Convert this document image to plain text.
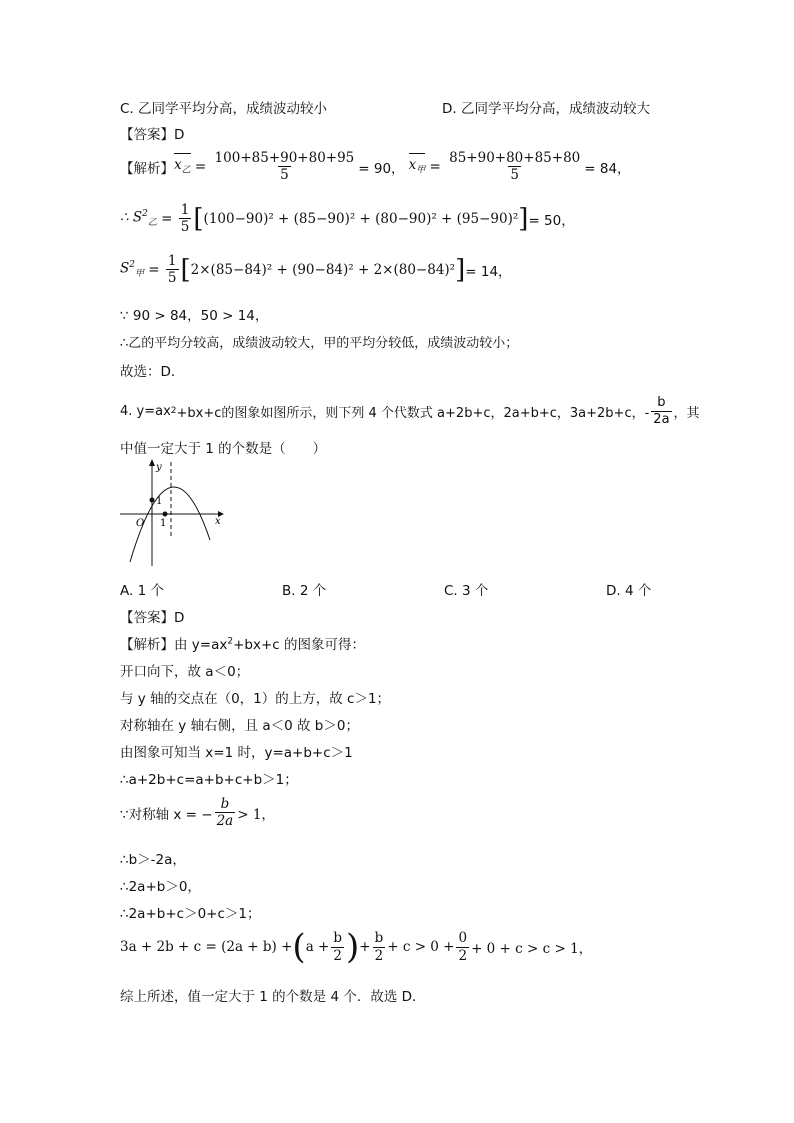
C. 乙同学平均分高，成绩波动较小	D. 乙同学平均分高，成绩波动较大
【答案】D
【解析】 $x_乙 = \frac{100+85+90+80+95}{5} = 90$， $x_甲 = \frac{85+90+80+85+80}{5} = 84$，
∴ $S^2_乙 = \frac{1}{5}$ [ (100−90)² + (85−90)² + (80−90)² + (95−90)² ] = 50，
$S^2_甲 = \frac{1}{5}$ [ 2×(85−84)² + (90−84)² + 2×(80−84)² ] = 14，
∵ 90 > 84，50 > 14，
∴乙的平均分较高，成绩波动较大，甲的平均分较低，成绩波动较小；
故选：D．
4. y=ax 2 +bx+c的图象如图所示，则下列 4 个代数式 a+2b+c，2a+b+c，3a+2b+c，- $\frac{b}{2a}$ ，其
中值一定大于 1 的个数是（　　）
1
1
O
y
x
A. 1 个	B. 2 个	C. 3 个	D. 4 个
【答案】D
【解析】由 $y=ax^2+bx+c$ 的图象可得：
开口向下，故 a＜0；
与 y 轴的交点在（0，1）的上方，故 c＞1；
对称轴在 y 轴右侧，且 a＜0 故 b＞0；
由图象可知当 x=1 时，y=a+b+c＞1
∴a+2b+c=a+b+c+b＞1；
∵对称轴 x = − $\frac{b}{2a} > 1$，
∴b＞-2a，
∴2a+b＞0，
∴2a+b+c＞0+c＞1；
3a + 2b + c = (2a + b) + ( $a + \frac{b}{2}$ ) + $\frac{b}{2} + c > 0 + \frac{0}{2} + 0 + c > c > 1$，
综上所述，值一定大于 1 的个数是 4 个．故选 D．
